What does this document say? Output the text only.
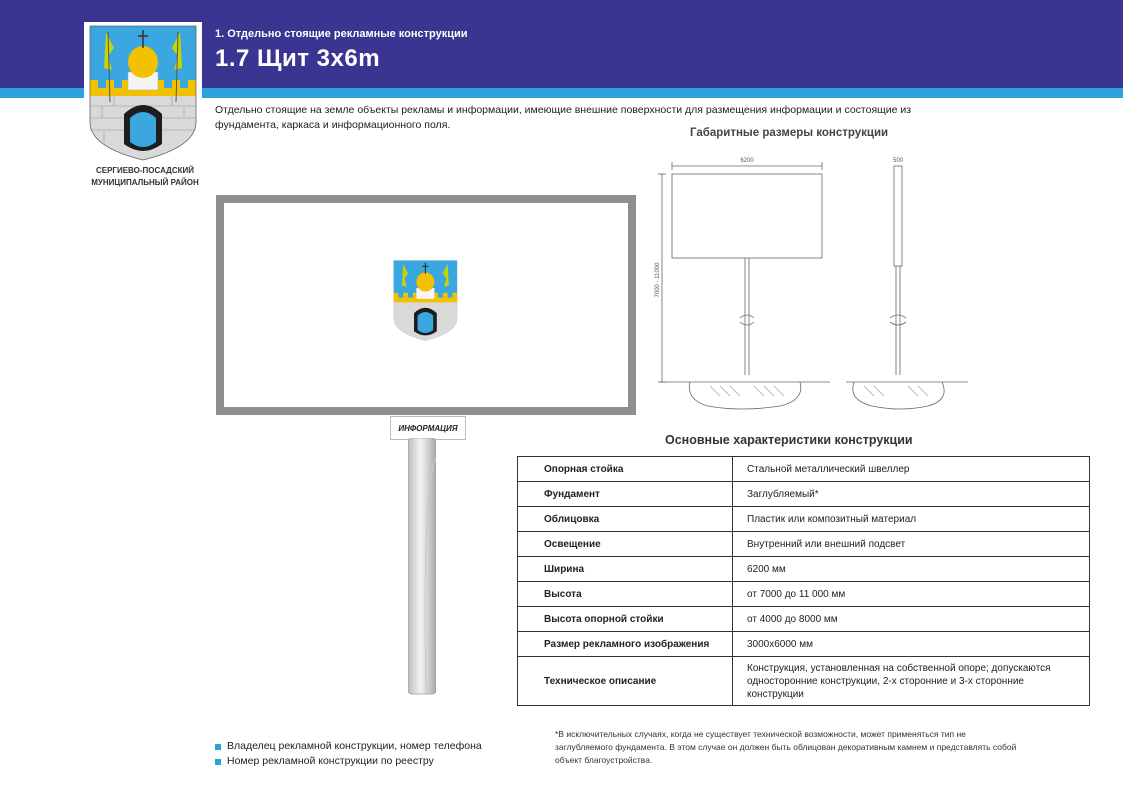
1. Отдельно стоящие рекламные конструкции
1.7 Щит 3х6m
СЕРГИЕВО-ПОСАДСКИЙ
МУНИЦИПАЛЬНЫЙ РАЙОН
Отдельно стоящие на земле объекты рекламы и информации, имеющие внешние поверхности для размещения информации и состоящие из фундамента, каркаса и информационного поля.
ИНФОРМАЦИЯ
Габаритные размеры конструкции
6200	500
7000 - 11000
Основные характеристики конструкции
Опорная стойка	Стальной металлический швеллер
Фундамент	Заглубляемый*
Облицовка	Пластик или композитный материал
Освещение	Внутренний или внешний подсвет
Ширина	6200 мм
Высота	от 7000 до 11 000 мм
Высота опорной стойки	от 4000 до 8000 мм
Размер рекламного изображения	3000х6000 мм
Техническое описание	Конструкция, установленная на собственной опоре; допускаются односторонние конструкции, 2-х сторонние и 3-х сторонние конструкции
Владелец рекламной конструкции, номер телефона
Номер рекламной конструкции по реестру
*В исключительных случаях, когда не существует технической возможности, может применяться тип не заглубляемого фундамента. В этом случае он должен быть облицован декоративным камнем и представлять собой объект благоустройства.
